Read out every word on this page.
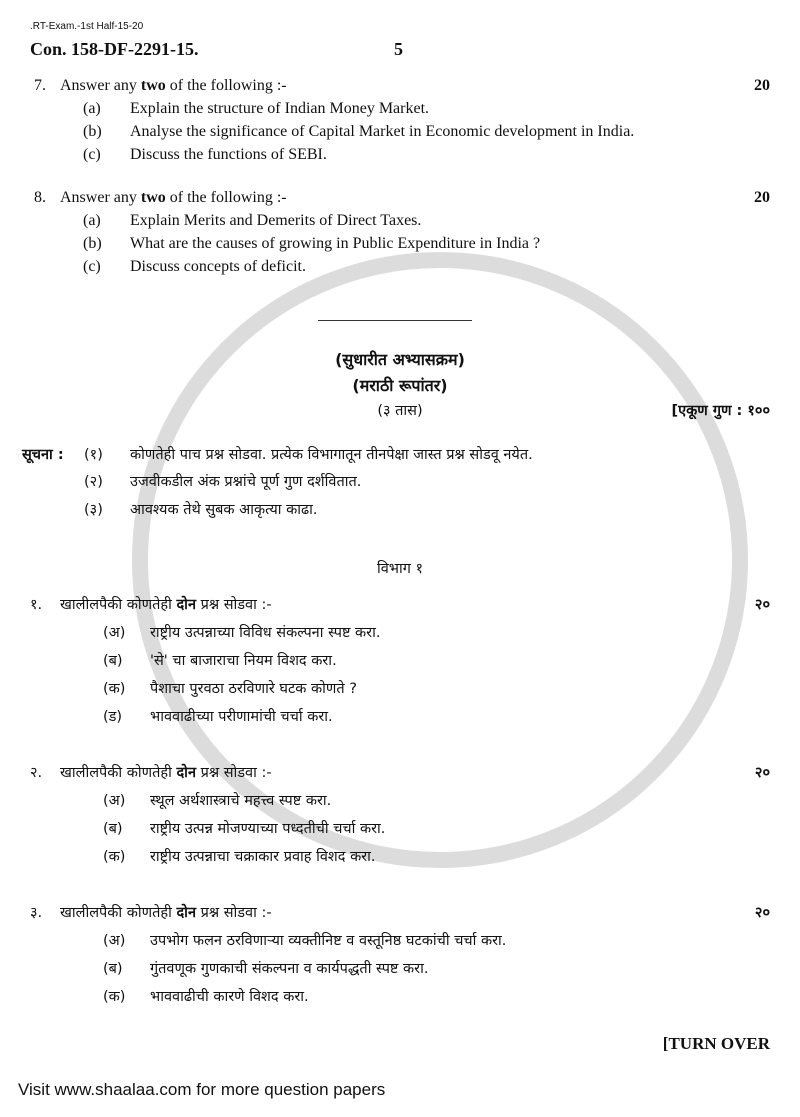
.RT-Exam.-1st Half-15-20
Con. 158-DF-2291-15.	5
7. Answer any two of the following :-	20
(a)	Explain the structure of Indian Money Market.
(b)	Analyse the significance of Capital Market in Economic development in India.
(c)	Discuss the functions of SEBI.
8. Answer any two of the following :-	20
(a)	Explain Merits and Demerits of Direct Taxes.
(b)	What are the causes of growing in Public Expenditure in India ?
(c)	Discuss concepts of deficit.
(सुधारीत अभ्यासक्रम)
(मराठी रूपांतर)
(३ तास)	[एकूण गुण : १००
सूचना :	(१)	कोणतेही पाच प्रश्न सोडवा. प्रत्येक विभागातून तीनपेक्षा जास्त प्रश्न सोडवू नयेत.
(२)	उजवीकडील अंक प्रश्नांचे पूर्ण गुण दर्शवितात.
(३)	आवश्यक तेथे सुबक आकृत्या काढा.
विभाग १
१.	खालीलपैकी कोणतेही दोन प्रश्न सोडवा :-	२०
(अ)	राष्ट्रीय उत्पन्नाच्या विविध संकल्पना स्पष्ट करा.
(ब)	'से' चा बाजाराचा नियम विशद करा.
(क)	पैशाचा पुरवठा ठरविणारे घटक कोणते ?
(ड)	भाववाढीच्या परीणामांची चर्चा करा.
२.	खालीलपैकी कोणतेही दोन प्रश्न सोडवा :-	२०
(अ)	स्थूल अर्थशास्त्राचे महत्त्व स्पष्ट करा.
(ब)	राष्ट्रीय उत्पन्न मोजण्याच्या पध्दतीची चर्चा करा.
(क)	राष्ट्रीय उत्पन्नाचा चक्राकार प्रवाह विशद करा.
३.	खालीलपैकी कोणतेही दोन प्रश्न सोडवा :-	२०
(अ)	उपभोग फलन ठरविणाऱ्या व्यक्तीनिष्ट व वस्तूनिष्ठ घटकांची चर्चा करा.
(ब)	गुंतवणूक गुणकाची संकल्पना व कार्यपद्धती स्पष्ट करा.
(क)	भाववाढीची कारणे विशद करा.
[TURN OVER
Visit www.shaalaa.com for more question papers
